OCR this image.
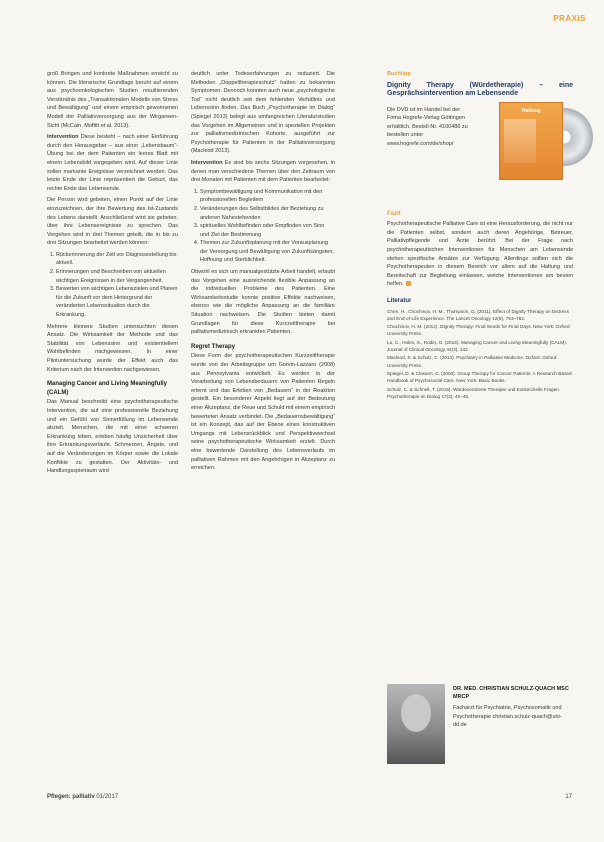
PRAXIS

groß Bringen und konkrete Maßnahmen erreicht zu können. Die literarische Grundlage beruht auf einem aus psychoonkologischen Studien resultierenden Verständnis des „Transaktionalen Modells von Stress und Bewältigung“ und einem empirisch gewonnenen Modell der Palliativversorgung aus der Wirgansen-Sicht (McCain, Moffitt et al. 2013).

Intervention Diese besteht – nach einer Einführung durch den Herausgeber – aus einer „Lebensbaum“-Übung bei der dem Patienten ein leeres Blatt mit einem Lebensbild vorgegeben wird. Auf dieser Linie sollen markante Ereignisse verzeichnet werden. Das letzte Ende der Linie repräsentiert die Geburt, das rechte Ende das Lebensende.

Die Person wird gebeten, einen Punkt auf der Linie einzuzeichnen, der ihre Bewertung des Ist-Zustands des Lebens darstellt. Anschließend wird sie gebeten, über ihre Lebensereignisse zu sprechen. Das Vorgehen wird in drei Themen geteilt, die in bis zu drei Sitzungen bearbeitet werden können:

1. Rückerinnerung der Zeit vor Diagnosestellung bis aktuell.
2. Erinnerungen und Beschreiben von aktuellen wichtigen Ereignissen in der Vergangenheit.
3. Bewerten von wichtigen Lebenszielen und Planen für die Zukunft vor dem Hintergrund der veränderten Lebenssituation durch die Erkrankung.

Mehrere kleinere Studien untersuchten diesen Ansatz. Die Wirksamkeit der Methode und das Stabilität von Lebenssinn und existentiellem Wohlbefinden nachgewiesen. In einer Pilotuntersuchung wurde der Effekt auch das Kriterium nach der Intervention nachgewiesen.

Managing Cancer and Living Meaningfully (CALM)

Das Manual beschreibt eine psychotherapeutische Intervention, die auf eine professionelle Beziehung und ein Gefühl von Sinnerfüllung im Lebensende abzielt. Menschen, die mit einer schweren Erkrankung leben, erleben häufig Unsicherheit über ihre Erkrankungsverläufe, Schmerzen, Ängste, und auf die Veränderungen im Körper sowie die Lokale Konflikte zu gestalten. Der Aktivitäts- und Handlungsspielraum wird

deutlich unter Todeserfahrungen zu reduziert. Die Methoden „Doppeltherapieschutz“ hatten zu bekannten Symptomen. Dennoch konnten auch neue „psychologische Tod“ nicht deutlich seit dem fehlenden Verhältnis und Lebenssinn finden. Das Buch „Psychotherapie im Dialog“ (Spiegel 2013) belegt aus umfangreichen Literaturstudien das Vorgehen im Allgemeinen und in speziellen Projekten zur palliativmedizinischen Kohorte, ausgeführt zur Psychotherapie für Patienten in der Palliativversorgung (Macleod 2013).

Intervention Es sind bis sechs Sitzungen vorgesehen, in denen man verschiedene Themen über den Zeitraum von drei Monaten mit Patienten mit dem Patienten bearbeitet:

1. Symptombewältigung und Kommunikation mit den professionellen Begleitern
2. Veränderungen des Selbstbildes der Beziehung zu anderen Nahestehenden
3. spirituelles Wohlbefinden oder Empfinden von Sinn und Ziel der Bestimmung
4. Themen zur Zukunftsplanung mit der Vorausplanung der Versorgung und Bewältigung von Zukunftsängsten, Hoffnung und Sterblichkeit.

Obwohl es sich um manualgestützte Arbeit handelt, erlaubt das Vorgehen eine ausreichende flexible Anpassung an die individuellen Probleme des Patienten. Eine Wirksamkeitsstudie konnte positive Effekte nachweisen, ebenso wie die mögliche Anpassung an die familiäre Situation nachweisen. Die Studien bieten damit Grundlagen für diese Kurzzeittherapie bei palliativmedizinisch erkrankten Patienten.

Regret Therapy

Diese Form der psychotherapeutischen Kurzzeittherapie wurde von der Arbeitsgruppe um Gorvin-Lazzaro (2008) aus Pennsylvania entwickelt. Es werden in der Verarbeitung von Lebensbedauern von Patienten Regeln erlernt und das Erleben von „Bedauern“ in der Reaktion gestellt. Ein besonderer Aspekt liegt auf der Bedeutung einer Akzeptanz, die Reue und Schuld mit einem empirisch bewerteten Ansatz verbindet. Die „Bedauernsbewältigung“ ist ein Konzept, das auf der Ebene eines konstruktiven Umgangs mit Lebensrückblick und Perspektivwechsel seine psychotherapeutische Wirksamkeit erzielt. Durch eine bewertende Darstellung des Lebensverlaufs im palliativen Rahmen mit den Angehörigen in Akzeptanz zu erreichen.

Buchtipp

Dignity Therapy (Würdetherapie) – eine Gesprächsintervention am Lebensende

Die DVD ist im Handel bei der Firma Hogrefe-Verlag Göttingen erhältlich. Bestell-Nr. 4100486 zu bestellen unter www.hogrefe.com/de/shop/
Haltung
Fazit

Psychotherapeutische Palliative Care ist eine Herausforderung, die nicht nur die Patienten selbst, sondern auch deren Angehörige, Betreuer, Palliativpflegende und Ärzte berührt. Bei der Frage nach psychotherapeutischen Interventionen für Menschen am Lebensende stehen spezifische Ansätze zur Verfügung. Allerdings sollten sich die Psychotherapeuten in diesem Bereich vor allem auf die Haltung und Bereitschaft zur Begleitung einlassen, welche Interventionen am besten helfen.

Literatur
Chen, H., Chochinov, H. M., Thompson, G. (2011). Effect of Dignity Therapy on Distress and End-of-Life Experience. The Lancet Oncology 12(8), 753–762.
Chochinov, H. M. (2012). Dignity Therapy: Final Words for Final Days. New York: Oxford University Press.
Lo, C., Hales, S., Rodin, G. (2016). Managing Cancer and Living Meaningfully (CALM). Journal of Clinical Oncology 34(3), 242.
Macleod, S. & Schulz, C. (2013). Psychiatry in Palliative Medicine. Oxford: Oxford University Press.
Spiegel, D. & Classen, C. (2000). Group Therapy for Cancer Patients: A Research-Based Handbook of Psychosocial Care. New York: Basic Books.
Schulz, C. & Schnell, T. (2016). Würdezentrierte Therapie und Existenzielle Fragen. Psychotherapie im Dialog 17(2), 40–45.
DR. MED. CHRISTIAN SCHULZ-QUACH MSC MRCP
Facharzt für Psychiatrie, Psychosomatik und Psychotherapie christian.schulz-quach@uni-dd.de
Pflegen: palliativ 01/2017	17
